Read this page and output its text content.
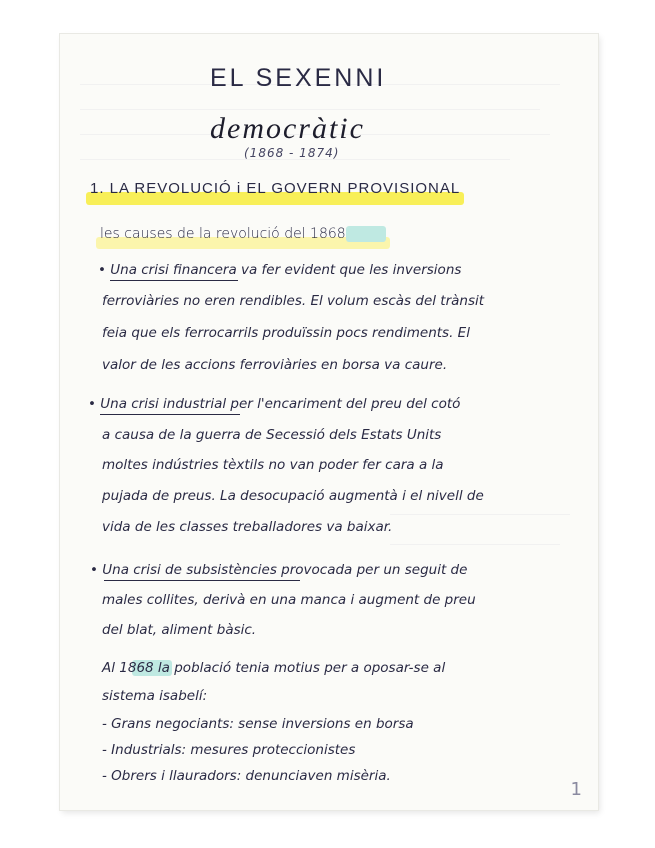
EL SEXENNI
democràtic
(1868 - 1874)
1. LA REVOLUCIÓ i EL GOVERN PROVISIONAL
les causes de la revolució del 1868
• Una crisi financera va fer evident que les inversions
ferroviàries no eren rendibles. El volum escàs del trànsit
feia que els ferrocarrils produïssin pocs rendiments. El
valor de les accions ferroviàries en borsa va caure.
• Una crisi industrial per l'encariment del preu del cotó
a causa de la guerra de Secessió dels Estats Units
moltes indústries tèxtils no van poder fer cara a la
pujada de preus. La desocupació augmentà i el nivell de
vida de les classes treballadores va baixar.
• Una crisi de subsistències provocada per un seguit de
males collites, derivà en una manca i augment de preu
del blat, aliment bàsic.
Al 1868 la població tenia motius per a oposar-se al
sistema isabelí:
- Grans negociants: sense inversions en borsa
- Industrials: mesures proteccionistes
- Obrers i llauradors: denunciaven misèria.
1
